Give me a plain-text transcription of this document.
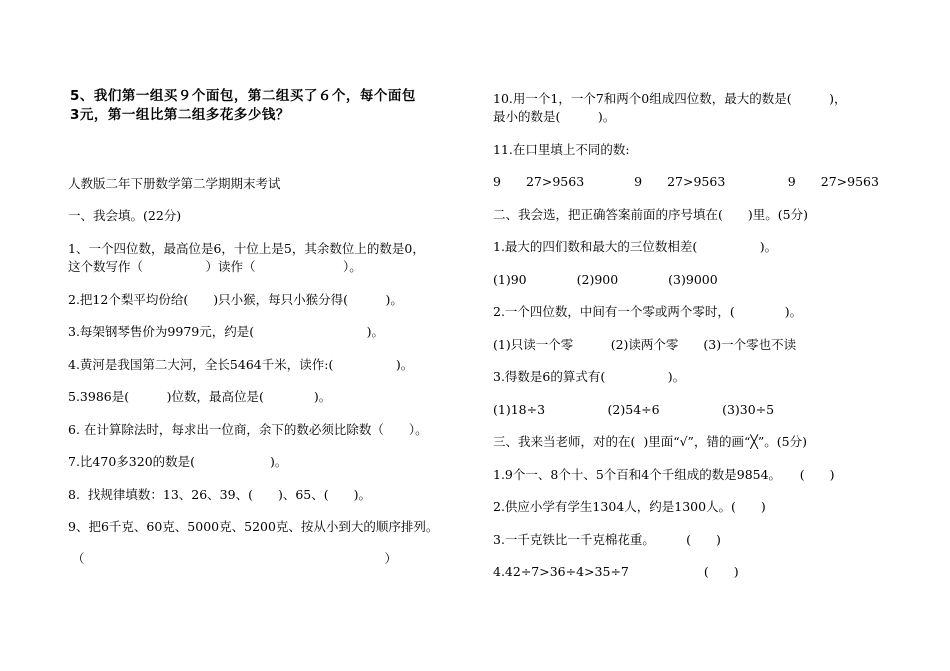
5、我们第一组买９个面包，第二组买了６个，每个面包
3元，第一组比第二组多花多少钱？
人教版二年下册数学第二学期期末考试
一、我会填。(22分)
1、一个四位数，最高位是6，十位上是5，其余数位上的数是0，
这个数写作（　　　　　）读作（　　　　　　　）。
2.把12个梨平均份给(　　)只小猴，每只小猴分得(　　　)。
3.每架钢琴售价为9979元，约是(　　　　　　　　　)。
4.黄河是我国第二大河，全长5464千米，读作:(　　　　　)。
5.3986是(　　　)位数，最高位是(　　　　)。
6. 在计算除法时，每求出一位商，余下的数必须比除数（　　）。
7.比470多320的数是(　　　　　　)。
8.  找规律填数：13、26、39、(　　)、65、(　　)。
9、把6千克、60克、5000克、5200克、按从小到大的顺序排列。
（　　　　　　　　　　　　　　　　　　　　　　　　）
10.用一个1，一个7和两个0组成四位数，最大的数是(　　　)，
最小的数是(　　　)。
11.在口里填上不同的数:
9　　27>9563　　　　9　　27>9563　　　　　9　　27>9563
二、我会选，把正确答案前面的序号填在(　　)里。(5分)
1.最大的四们数和最大的三位数相差(　　　　　)。
(1)90　　　　(2)900　　　　(3)9000
2.一个四位数，中间有一个零或两个零时，(　　　　)。
(1)只读一个零　　　(2)读两个零　　(3)一个零也不读
3.得数是6的算式有(　　　　　)。
(1)18÷3　　　　　(2)54÷6　　　　　(3)30÷5
三、我来当老师，对的在(  )里面“√”，错的画“╳”。(5分)
1.9个一、8个十、5个百和4个千组成的数是9854。　　(　　)
2.供应小学有学生1304人，约是1300人。(　　)
3.一千克铁比一千克棉花重。　　　(　　)
4.42÷7>36÷4>35÷7　　　　　　(　　)
